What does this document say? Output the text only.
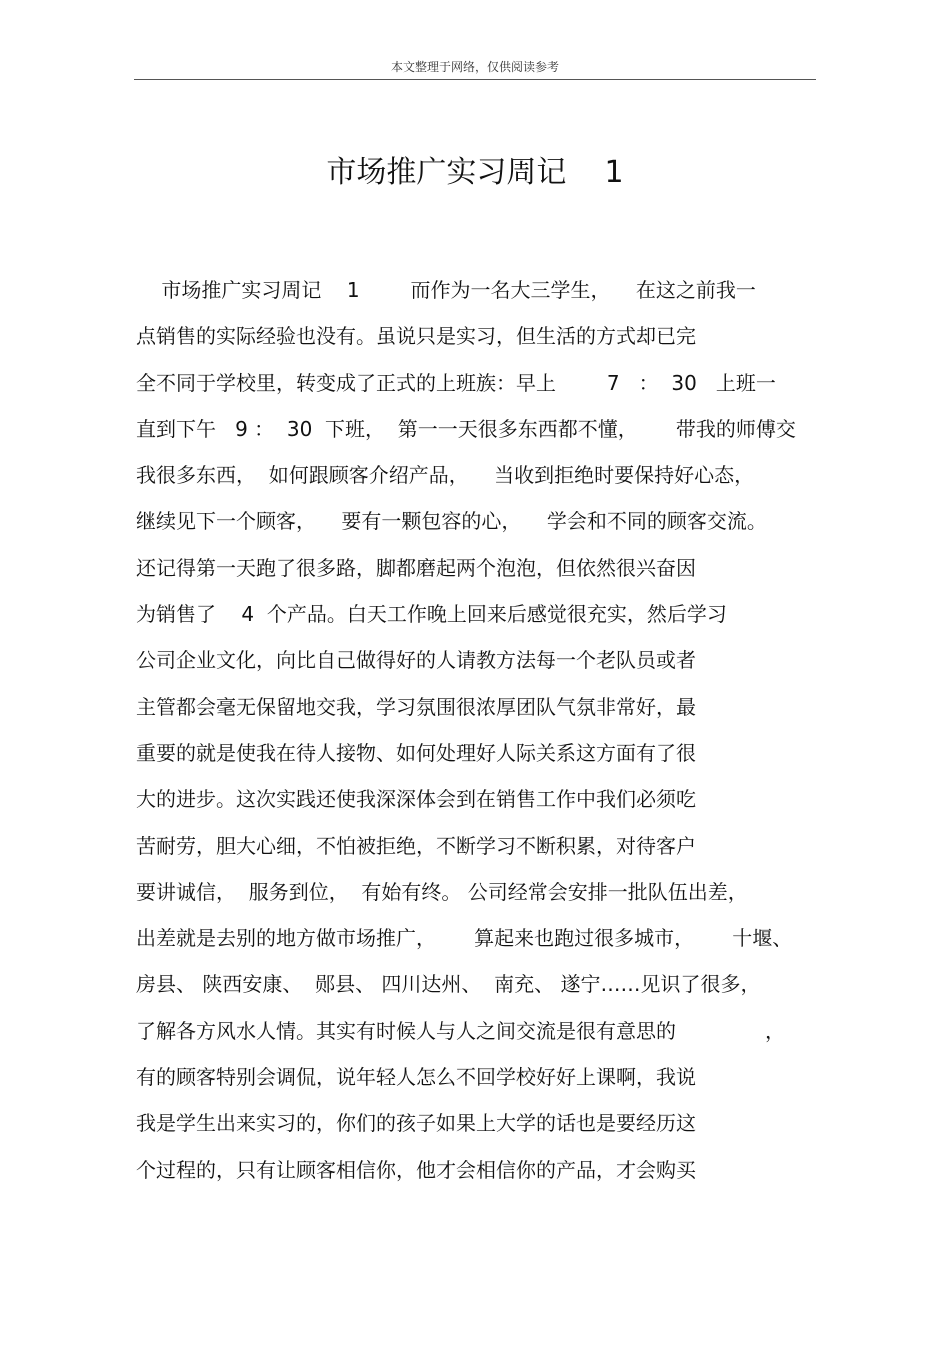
本文整理于网络，仅供阅读参考
市场推广实习周记    1
市场推广实习周记    1        而作为一名大三学生，    在这之前我一
点销售的实际经验也没有。虽说只是实习，但生活的方式却已完
全不同于学校里，转变成了正式的上班族：早上        7   ：  30   上班一
直到下午   9 ：  30  下班，  第一一天很多东西都不懂，      带我的师傅交
我很多东西，  如何跟顾客介绍产品，    当收到拒绝时要保持好心态，
继续见下一个顾客，    要有一颗包容的心，    学会和不同的顾客交流。
还记得第一天跑了很多路，脚都磨起两个泡泡，但依然很兴奋因
为销售了    4  个产品。白天工作晚上回来后感觉很充实，然后学习
公司企业文化，向比自己做得好的人请教方法每一个老队员或者
主管都会毫无保留地交我，学习氛围很浓厚团队气氛非常好，最
重要的就是使我在待人接物、如何处理好人际关系这方面有了很
大的进步。这次实践还使我深深体会到在销售工作中我们必须吃
苦耐劳，胆大心细，不怕被拒绝，不断学习不断积累，对待客户
要讲诚信，  服务到位，  有始有终。 公司经常会安排一批队伍出差，
出差就是去别的地方做市场推广，      算起来也跑过很多城市，      十堰、
房县、 陕西安康、  郧县、 四川达州、  南充、 遂宁……见识了很多，
了解各方风水人情。其实有时候人与人之间交流是很有意思的              ，
有的顾客特别会调侃，说年轻人怎么不回学校好好上课啊，我说
我是学生出来实习的，你们的孩子如果上大学的话也是要经历这
个过程的，只有让顾客相信你，他才会相信你的产品，才会购买
